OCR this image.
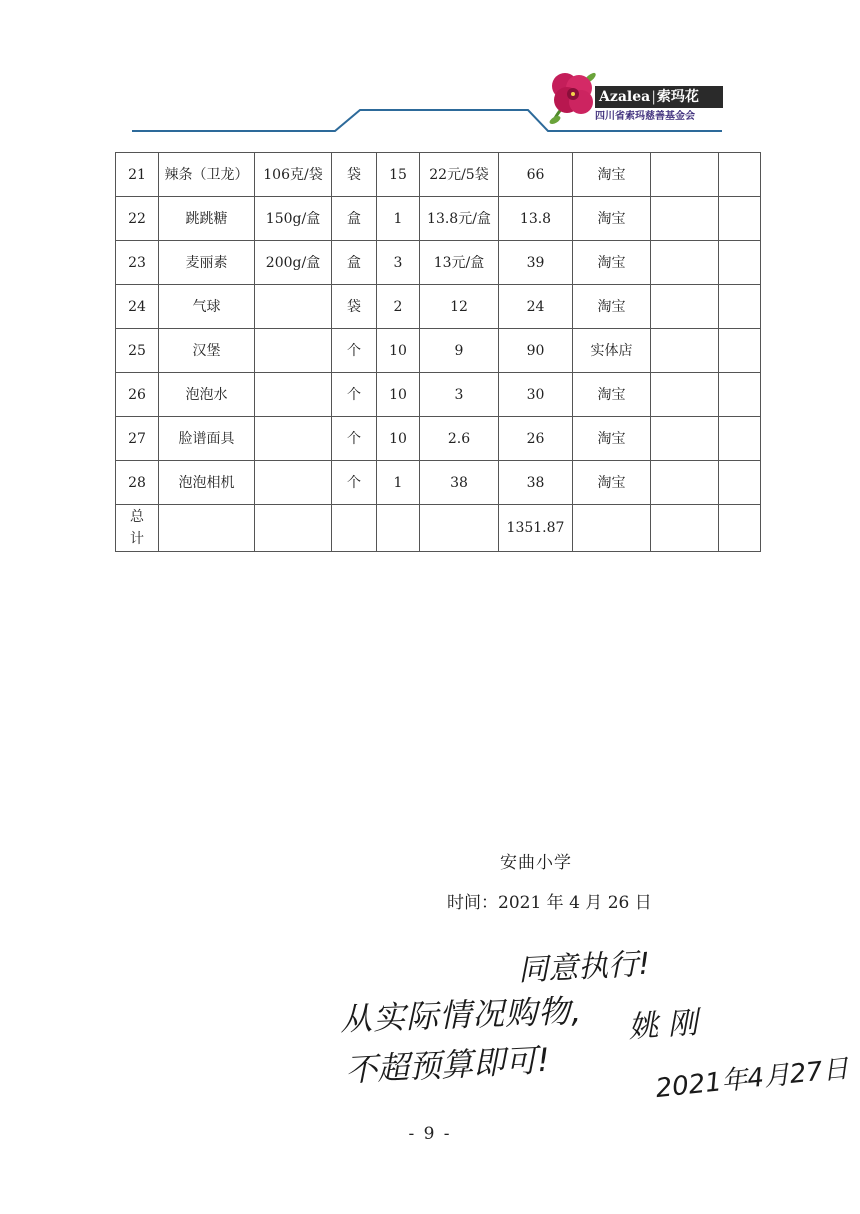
Azalea|索玛花
四川省索玛慈善基金会
21	辣条（卫龙）	106克/袋	袋	15	22元/5袋	66	淘宝		
22	跳跳糖	150g/盒	盒	1	13.8元/盒	13.8	淘宝		
23	麦丽素	200g/盒	盒	3	13元/盒	39	淘宝		
24	气球		袋	2	12	24	淘宝		
25	汉堡		个	10	9	90	实体店		
26	泡泡水		个	10	3	30	淘宝		
27	脸谱面具		个	10	2.6	26	淘宝		
28	泡泡相机		个	1	38	38	淘宝		
总计						1351.87			
安曲小学
时间：2021 年 4 月 26 日
同意执行!
从实际情况购物,
不超预算即可!
姚 刚
2021年4月27日
- 9 -
